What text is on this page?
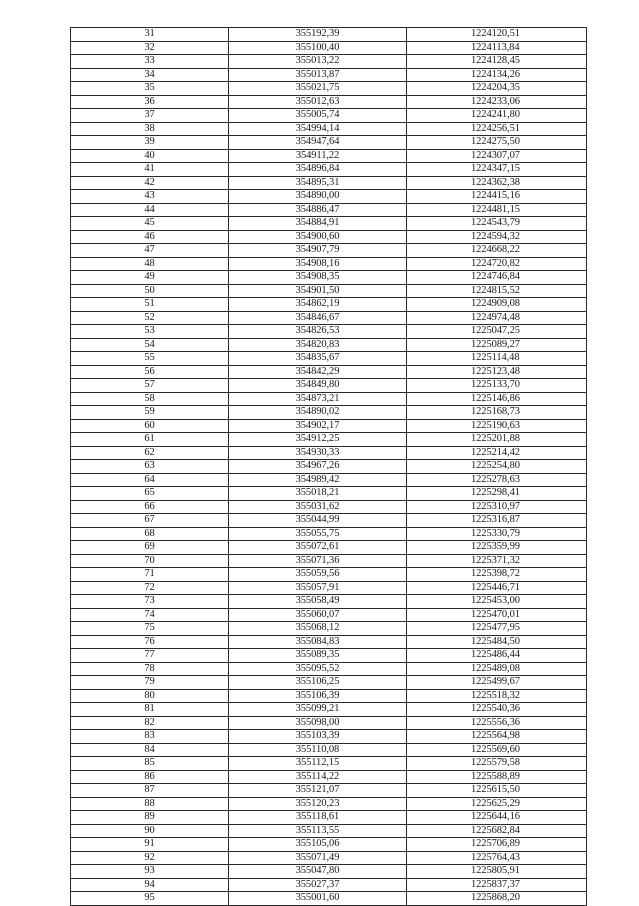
31	355192,39	1224120,51
32	355100,40	1224113,84
33	355013,22	1224128,45
34	355013,87	1224134,26
35	355021,75	1224204,35
36	355012,63	1224233,06
37	355005,74	1224241,80
38	354994,14	1224256,51
39	354947,64	1224275,50
40	354911,22	1224307,07
41	354896,84	1224347,15
42	354895,31	1224362,38
43	354890,00	1224415,16
44	354886,47	1224481,15
45	354884,91	1224543,79
46	354900,60	1224594,32
47	354907,79	1224668,22
48	354908,16	1224720,82
49	354908,35	1224746,84
50	354901,50	1224815,52
51	354862,19	1224909,08
52	354846,67	1224974,48
53	354826,53	1225047,25
54	354820,83	1225089,27
55	354835,67	1225114,48
56	354842,29	1225123,48
57	354849,80	1225133,70
58	354873,21	1225146,86
59	354890,02	1225168,73
60	354902,17	1225190,63
61	354912,25	1225201,88
62	354930,33	1225214,42
63	354967,26	1225254,80
64	354989,42	1225278,63
65	355018,21	1225298,41
66	355031,62	1225310,97
67	355044,99	1225316,87
68	355055,75	1225330,79
69	355072,61	1225359,99
70	355071,36	1225371,32
71	355059,56	1225398,72
72	355057,91	1225446,71
73	355058,49	1225453,00
74	355060,07	1225470,01
75	355068,12	1225477,95
76	355084,83	1225484,50
77	355089,35	1225486,44
78	355095,52	1225489,08
79	355106,25	1225499,67
80	355106,39	1225518,32
81	355099,21	1225540,36
82	355098,00	1225556,36
83	355103,39	1225564,98
84	355110,08	1225569,60
85	355112,15	1225579,58
86	355114,22	1225588,89
87	355121,07	1225615,50
88	355120,23	1225625,29
89	355118,61	1225644,16
90	355113,55	1225682,84
91	355105,06	1225706,89
92	355071,49	1225764,43
93	355047,80	1225805,91
94	355027,37	1225837,37
95	355001,60	1225868,20
